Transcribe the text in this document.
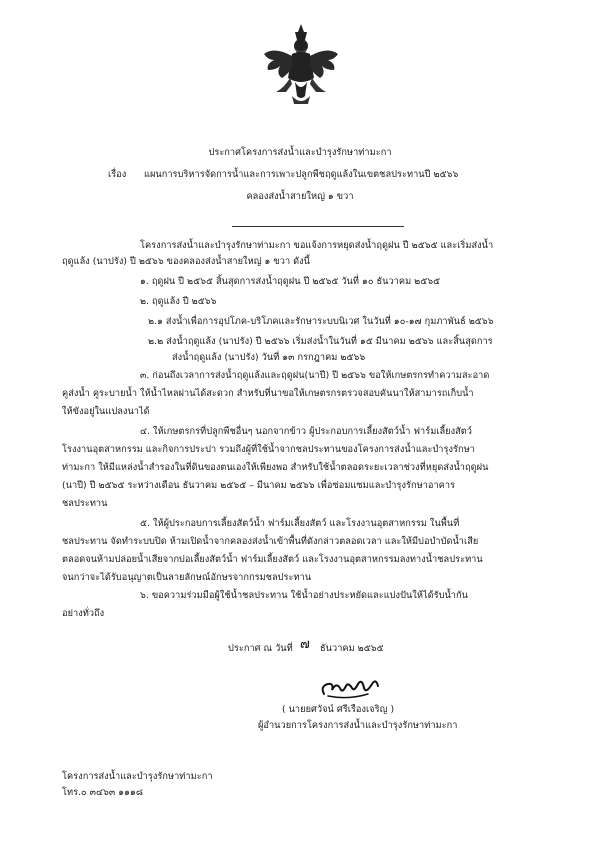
ประกาศโครงการส่งน้ำและบำรุงรักษาท่ามะกา
เรื่อง แผนการบริหารจัดการน้ำและการเพาะปลูกพืชฤดูแล้งในเขตชลประทานปี ๒๕๖๖
คลองส่งน้ำสายใหญ่ ๑ ขวา
โครงการส่งน้ำและบำรุงรักษาท่ามะกา ขอแจ้งการหยุดส่งน้ำฤดูฝน ปี ๒๕๖๕ และเริ่มส่งน้ำ
ฤดูแล้ง (นาปรัง) ปี ๒๕๖๖ ของคลองส่งน้ำสายใหญ่ ๑ ขวา ดังนี้
๑. ฤดูฝน ปี ๒๕๖๕ สิ้นสุดการส่งน้ำฤดูฝน ปี ๒๕๖๕ วันที่ ๑๐ ธันวาคม ๒๕๖๕
๒. ฤดูแล้ง ปี ๒๕๖๖
๒.๑ ส่งน้ำเพื่อการอุปโภค-บริโภคและรักษาระบบนิเวศ ในวันที่ ๑๐-๑๗ กุมภาพันธ์ ๒๕๖๖
๒.๒ ส่งน้ำฤดูแล้ง (นาปรัง) ปี ๒๕๖๖ เริ่มส่งน้ำในวันที่ ๑๕ มีนาคม ๒๕๖๖ และสิ้นสุดการ
ส่งน้ำฤดูแล้ง (นาปรัง) วันที่ ๑๓ กรกฎาคม ๒๕๖๖
๓. ก่อนถึงเวลาการส่งน้ำฤดูแล้งและฤดูฝน(นาปี) ปี ๒๕๖๖ ขอให้เกษตรกรทำความสะอาด
คูส่งน้ำ คูระบายน้ำ ให้น้ำไหลผ่านได้สะดวก สำหรับที่นาขอให้เกษตรกรตรวจสอบคันนาให้สามารถเก็บน้ำ
ให้ขังอยู่ในแปลงนาได้
๔. ให้เกษตรกรที่ปลูกพืชอื่นๆ นอกจากข้าว ผู้ประกอบการเลี้ยงสัตว์น้ำ ฟาร์มเลี้ยงสัตว์
โรงงานอุตสาหกรรม และกิจการประปา รวมถึงผู้ที่ใช้น้ำจากชลประทานของโครงการส่งน้ำและบำรุงรักษา
ท่ามะกา ให้มีแหล่งน้ำสำรองในที่ดินของตนเองให้เพียงพอ สำหรับใช้น้ำตลอดระยะเวลาช่วงที่หยุดส่งน้ำฤดูฝน
(นาปี) ปี ๒๕๖๕ ระหว่างเดือน ธันวาคม ๒๕๖๕ – มีนาคม ๒๕๖๖ เพื่อซ่อมแซมและบำรุงรักษาอาคาร
ชลประทาน
๕. ให้ผู้ประกอบการเลี้ยงสัตว์น้ำ ฟาร์มเลี้ยงสัตว์ และโรงงานอุตสาหกรรม ในพื้นที่
ชลประทาน จัดทำระบบปิด ห้ามเปิดน้ำจากคลองส่งน้ำเข้าพื้นที่ดังกล่าวตลอดเวลา และให้มีบ่อบำบัดน้ำเสีย
ตลอดจนห้ามปล่อยน้ำเสียจากบ่อเลี้ยงสัตว์น้ำ ฟาร์มเลี้ยงสัตว์ และโรงงานอุตสาหกรรมลงทางน้ำชลประทาน
จนกว่าจะได้รับอนุญาตเป็นลายลักษณ์อักษรจากกรมชลประทาน
๖. ขอความร่วมมือผู้ใช้น้ำชลประทาน ใช้น้ำอย่างประหยัดและแบ่งปันให้ได้รับน้ำกัน
อย่างทั่วถึง
ประกาศ ณ วันที่ ๗ ธันวาคม ๒๕๖๕
( นายยศวัจน์ ศรีเรืองเจริญ )
ผู้อำนวยการโครงการส่งน้ำและบำรุงรักษาท่ามะกา
โครงการส่งน้ำและบำรุงรักษาท่ามะกา
โทร.๐ ๓๔๖๓ ๑๑๑๘
